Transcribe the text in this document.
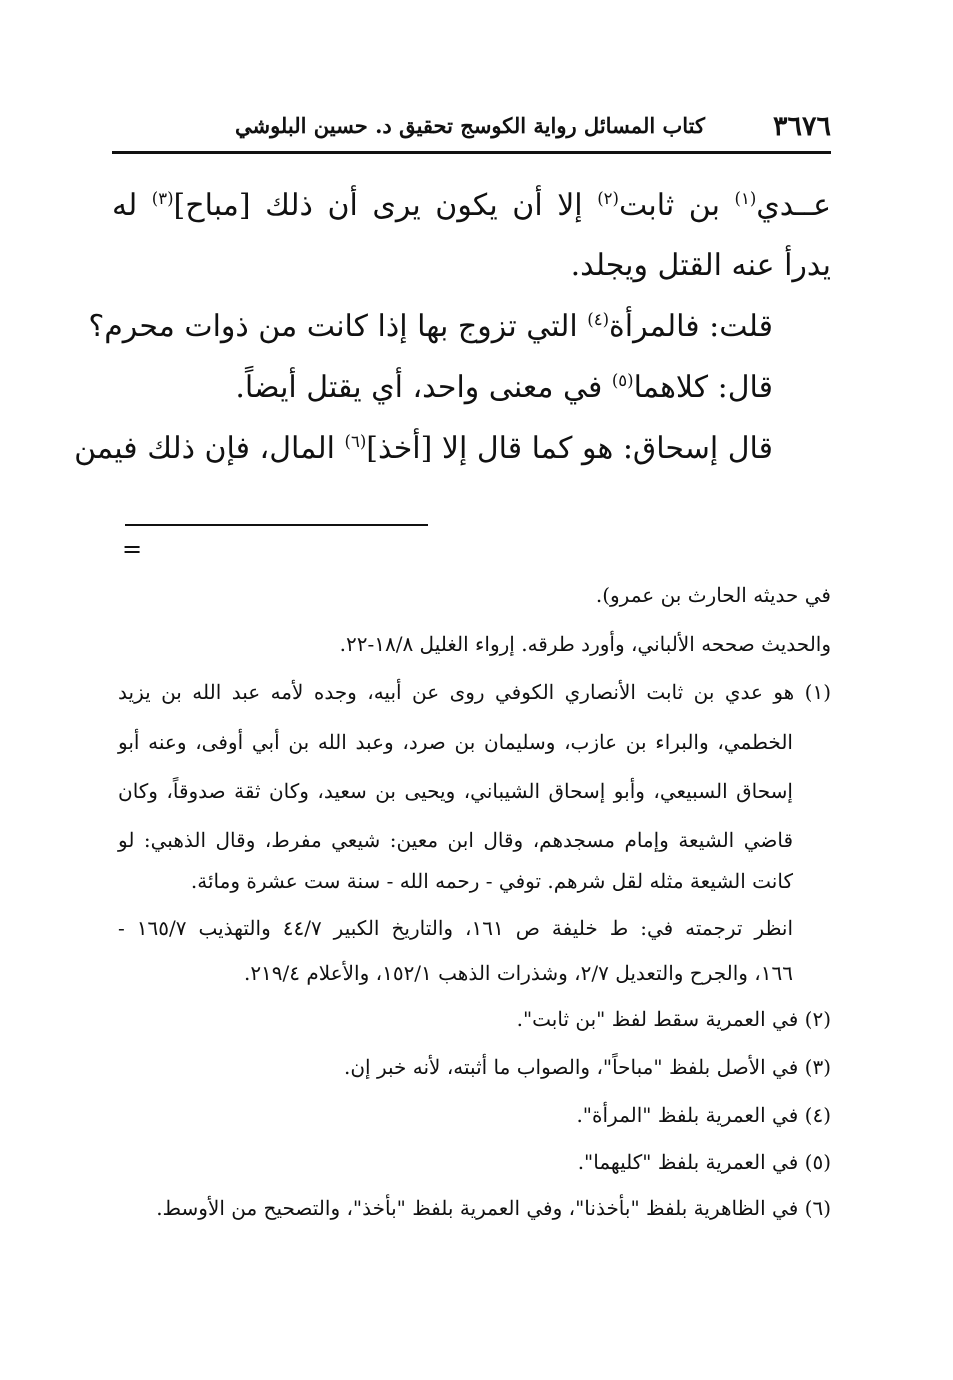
٣٦٧٦
كتاب المسائل رواية الكوسج تحقيق د. حسين البلوشي
عــدي$^{(١)}$ بن ثابت$^{(٢)}$ إلا أن يكون يرى أن ذلك [مباح]$^{(٣)}$ له
يدرأ عنه القتل ويجلد.
قلت: فالمرأة$^{(٤)}$ التي تزوج بها إذا كانت من ذوات محرم؟
قال: كلاهما$^{(٥)}$ في معنى واحد، أي يقتل أيضاً.
قال إسحاق: هو كما قال إلا [أخذ]$^{(٦)}$ المال، فإن ذلك فيمن
=
في حديثه الحارث بن عمرو).
والحديث صححه الألباني، وأورد طرقه. إرواء الغليل ١٨/٨-٢٢.
(١) هو عدي بن ثابت الأنصاري الكوفي روى عن أبيه، وجده لأمه عبد الله بن يزيد
الخطمي، والبراء بن عازب، وسليمان بن صرد، وعبد الله بن أبي أوفى، وعنه أبو
إسحاق السبيعي، وأبو إسحاق الشيباني، ويحيى بن سعيد، وكان ثقة صدوقاً، وكان
قاضي الشيعة وإمام مسجدهم، وقال ابن معين: شيعي مفرط، وقال الذهبي: لو
كانت الشيعة مثله لقل شرهم. توفي - رحمه الله - سنة ست عشرة ومائة.
انظر ترجمته في: ط خليفة ص ١٦١، والتاريخ الكبير ٤٤/٧ والتهذيب ١٦٥/٧ -
١٦٦، والجرح والتعديل ٢/٧، وشذرات الذهب ١٥٢/١، والأعلام ٢١٩/٤.
(٢) في العمرية سقط لفظ "بن ثابت".
(٣) في الأصل بلفظ "مباحاً"، والصواب ما أثبته، لأنه خبر إن.
(٤) في العمرية بلفظ "المرأة".
(٥) في العمرية بلفظ "كليهما".
(٦) في الظاهرية بلفظ "بأخذنا"، وفي العمرية بلفظ "بأخذ"، والتصحيح من الأوسط.
